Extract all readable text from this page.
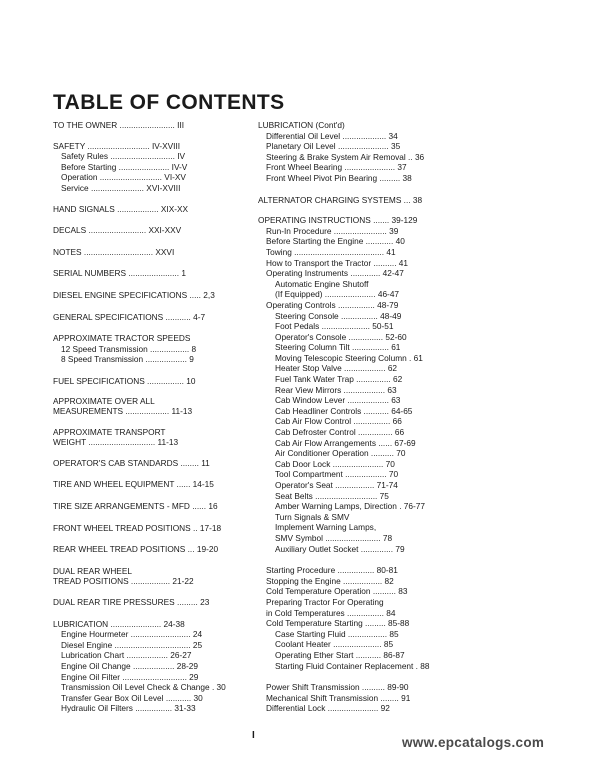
TABLE OF CONTENTS
TO THE OWNER ........................ III
SAFETY ........................... IV-XVIII
Safety Rules ............................ IV
Before Starting ...................... IV-V
Operation ........................... VI-XV
Service ....................... XVI-XVIII
HAND SIGNALS .................. XIX-XX
DECALS ......................... XXI-XXV
NOTES .............................. XXVI
SERIAL NUMBERS ...................... 1
DIESEL ENGINE SPECIFICATIONS ..... 2,3
GENERAL SPECIFICATIONS ........... 4-7
APPROXIMATE TRACTOR SPEEDS
12 Speed Transmission ................. 8
8 Speed Transmission .................. 9
FUEL SPECIFICATIONS ................ 10
APPROXIMATE OVER ALL
MEASUREMENTS ................... 11-13
APPROXIMATE TRANSPORT
WEIGHT ............................. 11-13
OPERATOR'S CAB STANDARDS ........ 11
TIRE AND WHEEL EQUIPMENT ...... 14-15
TIRE SIZE ARRANGEMENTS - MFD ...... 16
FRONT WHEEL TREAD POSITIONS .. 17-18
REAR WHEEL TREAD POSITIONS ... 19-20
DUAL REAR WHEEL
TREAD POSITIONS ................. 21-22
DUAL REAR TIRE PRESSURES ......... 23
LUBRICATION ...................... 24-38
Engine Hourmeter .......................... 24
Diesel Engine ................................. 25
Lubrication Chart .................. 26-27
Engine Oil Change .................. 28-29
Engine Oil Filter ............................ 29
Transmission Oil Level Check & Change . 30
Transfer Gear Box Oil Level ........... 30
Hydraulic Oil Filters ................ 31-33
LUBRICATION (Cont'd)
Differential Oil Level ................... 34
Planetary Oil Level ...................... 35
Steering & Brake System Air Removal .. 36
Front Wheel Bearing ...................... 37
Front Wheel Pivot Pin Bearing ......... 38
ALTERNATOR CHARGING SYSTEMS ... 38
OPERATING INSTRUCTIONS ....... 39-129
Run-In Procedure ....................... 39
Before Starting the Engine ............ 40
Towing ....................................... 41
How to Transport the Tractor .......... 41
Operating Instruments ............. 42-47
Automatic Engine Shutoff
(If Equipped) ...................... 46-47
Operating Controls ................ 48-79
Steering Console ................ 48-49
Foot Pedals ..................... 50-51
Operator's Console ............... 52-60
Steering Column Tilt ................ 61
Moving Telescopic Steering Column . 61
Heater Stop Valve .................. 62
Fuel Tank Water Trap ............... 62
Rear View Mirrors .................. 63
Cab Window Lever .................. 63
Cab Headliner Controls ........... 64-65
Cab Air Flow Control ................ 66
Cab Defroster Control ............... 66
Cab Air Flow Arrangements ...... 67-69
Air Conditioner Operation .......... 70
Cab Door Lock ...................... 70
Tool Compartment .................. 70
Operator's Seat ................. 71-74
Seat Belts ........................... 75
Amber Warning Lamps, Direction . 76-77
Turn Signals & SMV
Implement Warning Lamps,
SMV Symbol ........................ 78
Auxiliary Outlet Socket .............. 79
Starting Procedure ................ 80-81
Stopping the Engine ................. 82
Cold Temperature Operation .......... 83
Preparing Tractor For Operating
in Cold Temperatures ................ 84
Cold Temperature Starting ......... 85-88
Case Starting Fluid ................. 85
Coolant Heater ..................... 85
Operating Ether Start ........... 86-87
Starting Fluid Container Replacement . 88
Power Shift Transmission .......... 89-90
Mechanical Shift Transmission ........ 91
Differential Lock ...................... 92
I	www.epcatalogs.com
